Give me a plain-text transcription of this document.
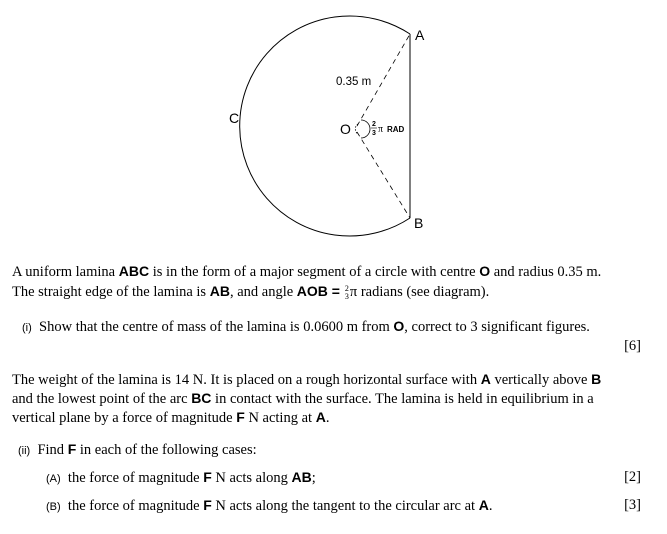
A
B
C
O
0.35 m
2
3 π RAD
A uniform lamina ABC is in the form of a major segment of a circle with centre O and radius 0.35 m.
The straight edge of the lamina is AB, and angle AOB = 2
3 π radians (see diagram).
(i) Show that the centre of mass of the lamina is 0.0600 m from O, correct to 3 significant figures.
[6]
The weight of the lamina is 14 N. It is placed on a rough horizontal surface with A vertically above B
and the lowest point of the arc BC in contact with the surface. The lamina is held in equilibrium in a
vertical plane by a force of magnitude F N acting at A.
(ii) Find F in each of the following cases:
(A) the force of magnitude F N acts along AB;	[2]
(B) the force of magnitude F N acts along the tangent to the circular arc at A.	[3]
